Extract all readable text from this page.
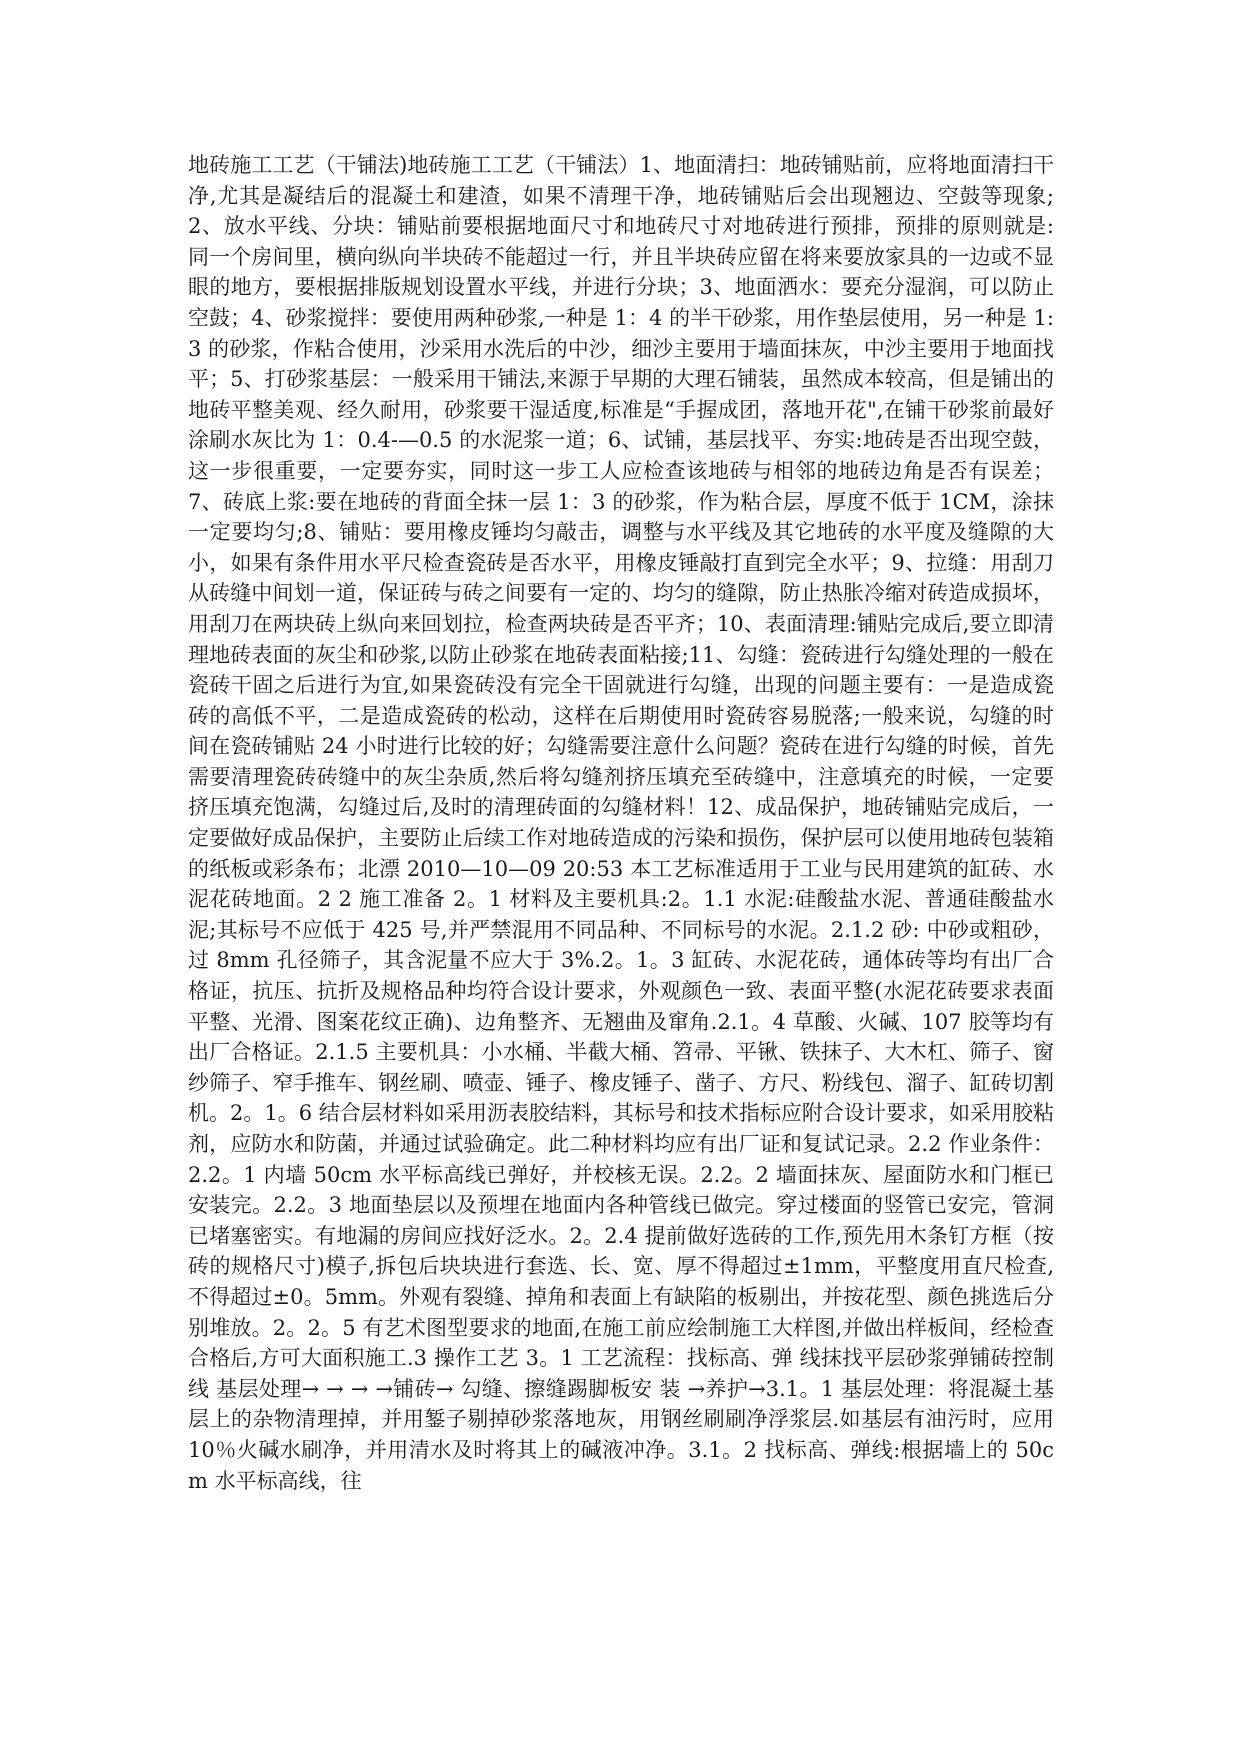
地砖施工工艺（干铺法)地砖施工工艺（干铺法）1、地面清扫：地砖铺贴前，应将地面清扫干净,尤其是凝结后的混凝土和建渣，如果不清理干净，地砖铺贴后会出现翘边、空鼓等现象;2、放水平线、分块：铺贴前要根据地面尺寸和地砖尺寸对地砖进行预排，预排的原则就是: 同一个房间里，横向纵向半块砖不能超过一行，并且半块砖应留在将来要放家具的一边或不显眼的地方，要根据排版规划设置水平线，并进行分块；3、地面洒水：要充分湿润，可以防止空鼓；4、砂浆搅拌：要使用两种砂浆,一种是 1：4 的半干砂浆，用作垫层使用，另一种是 1:3 的砂浆，作粘合使用，沙采用水洗后的中沙，细沙主要用于墙面抹灰，中沙主要用于地面找平；5、打砂浆基层：一般采用干铺法,来源于早期的大理石铺装，虽然成本较高，但是铺出的地砖平整美观、经久耐用，砂浆要干湿适度,标准是“手握成团，落地开花",在铺干砂浆前最好涂刷水灰比为 1：0.4-—0.5 的水泥浆一道；6、试铺，基层找平、夯实:地砖是否出现空鼓，这一步很重要，一定要夯实，同时这一步工人应检查该地砖与相邻的地砖边角是否有误差；7、砖底上浆:要在地砖的背面全抹一层 1：3 的砂浆，作为粘合层，厚度不低于 1CM，涂抹一定要均匀;8、铺贴：要用橡皮锤均匀敲击，调整与水平线及其它地砖的水平度及缝隙的大小，如果有条件用水平尺检查瓷砖是否水平，用橡皮锤敲打直到完全水平；9、拉缝：用刮刀从砖缝中间划一道，保证砖与砖之间要有一定的、均匀的缝隙，防止热胀冷缩对砖造成损坏，用刮刀在两块砖上纵向来回划拉，检查两块砖是否平齐；10、表面清理:铺贴完成后,要立即清理地砖表面的灰尘和砂浆,以防止砂浆在地砖表面粘接;11、勾缝：瓷砖进行勾缝处理的一般在瓷砖干固之后进行为宜,如果瓷砖没有完全干固就进行勾缝，出现的问题主要有：一是造成瓷砖的高低不平，二是造成瓷砖的松动，这样在后期使用时瓷砖容易脱落;一般来说，勾缝的时间在瓷砖铺贴 24 小时进行比较的好；勾缝需要注意什么问题？瓷砖在进行勾缝的时候，首先需要清理瓷砖砖缝中的灰尘杂质,然后将勾缝剂挤压填充至砖缝中，注意填充的时候，一定要挤压填充饱满，勾缝过后,及时的清理砖面的勾缝材料！12、成品保护，地砖铺贴完成后，一定要做好成品保护，主要防止后续工作对地砖造成的污染和损伤，保护层可以使用地砖包装箱的纸板或彩条布；北漂 2010—10—09 20:53 本工艺标准适用于工业与民用建筑的缸砖、水泥花砖地面。2 2 施工准备 2。1 材料及主要机具:2。1.1 水泥:硅酸盐水泥、普通硅酸盐水泥;其标号不应低于 425 号,并严禁混用不同品种、不同标号的水泥。2.1.2 砂: 中砂或粗砂，过 8mm 孔径筛子，其含泥量不应大于 3%.2。1。3 缸砖、水泥花砖，通体砖等均有出厂合格证，抗压、抗折及规格品种均符合设计要求，外观颜色一致、表面平整(水泥花砖要求表面平整、光滑、图案花纹正确)、边角整齐、无翘曲及窜角.2.1。4 草酸、火碱、107 胶等均有出厂合格证。2.1.5 主要机具：小水桶、半截大桶、笤帚、平锹、铁抹子、大木杠、筛子、窗纱筛子、窄手推车、钢丝刷、喷壶、锤子、橡皮锤子、凿子、方尺、粉线包、溜子、缸砖切割机。2。1。6 结合层材料如采用沥表胶结料，其标号和技术指标应附合设计要求，如采用胶粘剂，应防水和防菌，并通过试验确定。此二种材料均应有出厂证和复试记录。2.2 作业条件：2.2。1 内墙 50cm 水平标高线已弹好，并校核无误。2.2。2 墙面抹灰、屋面防水和门框已安装完。2.2。3 地面垫层以及预埋在地面内各种管线已做完。穿过楼面的竖管已安完，管洞已堵塞密实。有地漏的房间应找好泛水。2。2.4 提前做好选砖的工作,预先用木条钉方框（按砖的规格尺寸)模子,拆包后块块进行套选、长、宽、厚不得超过±1mm，平整度用直尺检查,不得超过±0。5mm。外观有裂缝、掉角和表面上有缺陷的板剔出，并按花型、颜色挑选后分别堆放。2。2。5 有艺术图型要求的地面,在施工前应绘制施工大样图,并做出样板间，经检查合格后,方可大面积施工.3 操作工艺 3。1 工艺流程：找标高、弹 线抹找平层砂浆弹铺砖控制线 基层处理→ → → →铺砖→ 勾缝、擦缝踢脚板安 装 →养护→3.1。1 基层处理：将混凝土基层上的杂物清理掉，并用錾子剔掉砂浆落地灰，用钢丝刷刷净浮浆层.如基层有油污时，应用 10％火碱水刷净，并用清水及时将其上的碱液冲净。3.1。2 找标高、弹线:根据墙上的 50cm 水平标高线，往
